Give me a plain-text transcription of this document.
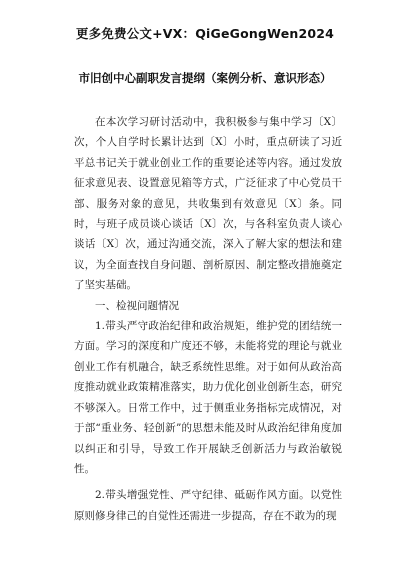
更多免费公文+VX：QiGeGongWen2024
市旧创中心副职发言提纲（案例分析、意识形态）

在本次学习研讨活动中，我积极参与集中学习〔X〕次，个人自学时长累计达到〔X〕小时，重点研读了习近平总书记关于就业创业工作的重要论述等内容。通过发放征求意见表、设置意见箱等方式，广泛征求了中心党员干部、服务对象的意见，共收集到有效意见〔X〕条。同时，与班子成员谈心谈话〔X〕次，与各科室负责人谈心谈话〔X〕次，通过沟通交流，深入了解大家的想法和建议，为全面查找自身问题、剖析原因、制定整改措施奠定了坚实基础。

一、检视问题情况

1.带头严守政治纪律和政治规矩，维护党的团结统一方面。学习的深度和广度还不够，未能将党的理论与就业创业工作有机融合，缺乏系统性思维。对于如何从政治高度推动就业政策精准落实，助力优化创业创新生态，研究不够深入。日常工作中，过于侧重业务指标完成情况，对于部“重业务、轻创新”的思想未能及时从政治纪律角度加以纠正和引导，导致工作开展缺乏创新活力与政治敏锐性。

2.带头增强党性、严守纪律、砥砺作风方面。以党性原则修身律己的自觉性还需进一步提高，存在不敢为的现
